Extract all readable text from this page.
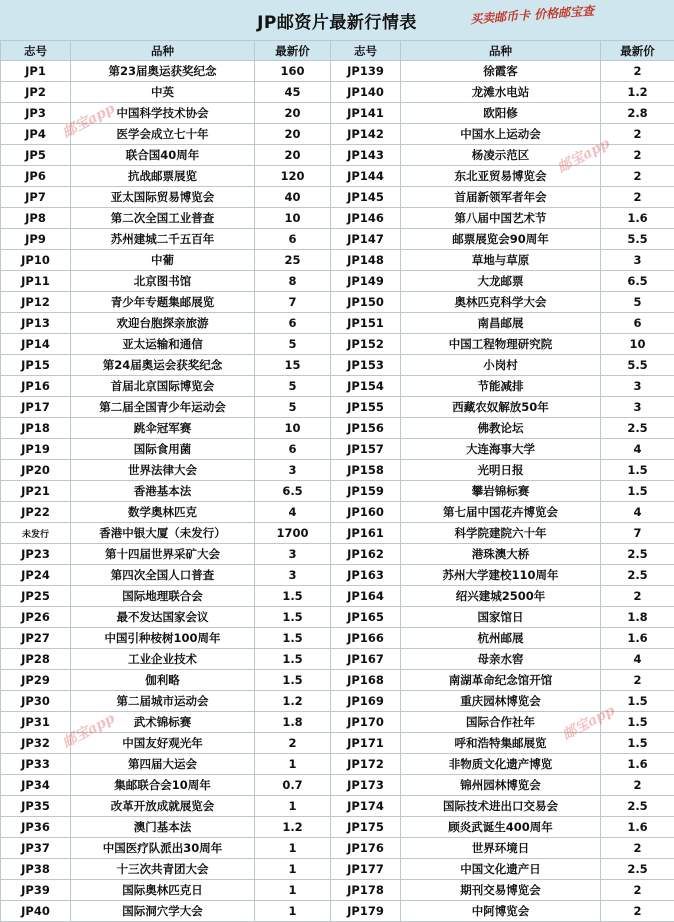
JP邮资片最新行情表	买卖邮币卡 价格邮宝查
志号	品种	最新价	志号	品种	最新价
JP1	第23届奥运获奖纪念	160	JP139	徐霞客	2
JP2	中英	45	JP140	龙滩水电站	1.2
JP3	中国科学技术协会	20	JP141	欧阳修	2.8
JP4	医学会成立七十年	20	JP142	中国水上运动会	2
JP5	联合国40周年	20	JP143	杨凌示范区	2
JP6	抗战邮票展览	120	JP144	东北亚贸易博览会	2
JP7	亚太国际贸易博览会	40	JP145	首届新领军者年会	2
JP8	第二次全国工业普查	10	JP146	第八届中国艺术节	1.6
JP9	苏州建城二千五百年	6	JP147	邮票展览会90周年	5.5
JP10	中葡	25	JP148	草地与草原	3
JP11	北京图书馆	8	JP149	大龙邮票	6.5
JP12	青少年专题集邮展览	7	JP150	奥林匹克科学大会	5
JP13	欢迎台胞探亲旅游	6	JP151	南昌邮展	6
JP14	亚太运输和通信	5	JP152	中国工程物理研究院	10
JP15	第24届奥运会获奖纪念	15	JP153	小岗村	5.5
JP16	首届北京国际博览会	5	JP154	节能减排	3
JP17	第二届全国青少年运动会	5	JP155	西藏农奴解放50年	3
JP18	跳伞冠军赛	10	JP156	佛教论坛	2.5
JP19	国际食用菌	6	JP157	大连海事大学	4
JP20	世界法律大会	3	JP158	光明日报	1.5
JP21	香港基本法	6.5	JP159	攀岩锦标赛	1.5
JP22	数学奥林匹克	4	JP160	第七届中国花卉博览会	4
未发行	香港中银大厦（未发行）	1700	JP161	科学院建院六十年	7
JP23	第十四届世界采矿大会	3	JP162	港珠澳大桥	2.5
JP24	第四次全国人口普查	3	JP163	苏州大学建校110周年	2.5
JP25	国际地理联合会	1.5	JP164	绍兴建城2500年	2
JP26	最不发达国家会议	1.5	JP165	国家馆日	1.8
JP27	中国引种桉树100周年	1.5	JP166	杭州邮展	1.6
JP28	工业企业技术	1.5	JP167	母亲水窖	4
JP29	伽利略	1.5	JP168	南湖革命纪念馆开馆	2
JP30	第二届城市运动会	1.2	JP169	重庆园林博览会	1.5
JP31	武术锦标赛	1.8	JP170	国际合作社年	1.5
JP32	中国友好观光年	2	JP171	呼和浩特集邮展览	1.5
JP33	第四届大运会	1	JP172	非物质文化遗产博览	1.6
JP34	集邮联合会10周年	0.7	JP173	锦州园林博览会	2
JP35	改革开放成就展览会	1	JP174	国际技术进出口交易会	2.5
JP36	澳门基本法	1.2	JP175	顾炎武诞生400周年	1.6
JP37	中国医疗队派出30周年	1	JP176	世界环境日	2
JP38	十三次共青团大会	1	JP177	中国文化遗产日	2.5
JP39	国际奥林匹克日	1	JP178	期刊交易博览会	2
JP40	国际洞穴学大会	1	JP179	中阿博览会	2
邮宝app
邮宝app
邮宝app	邮宝app
